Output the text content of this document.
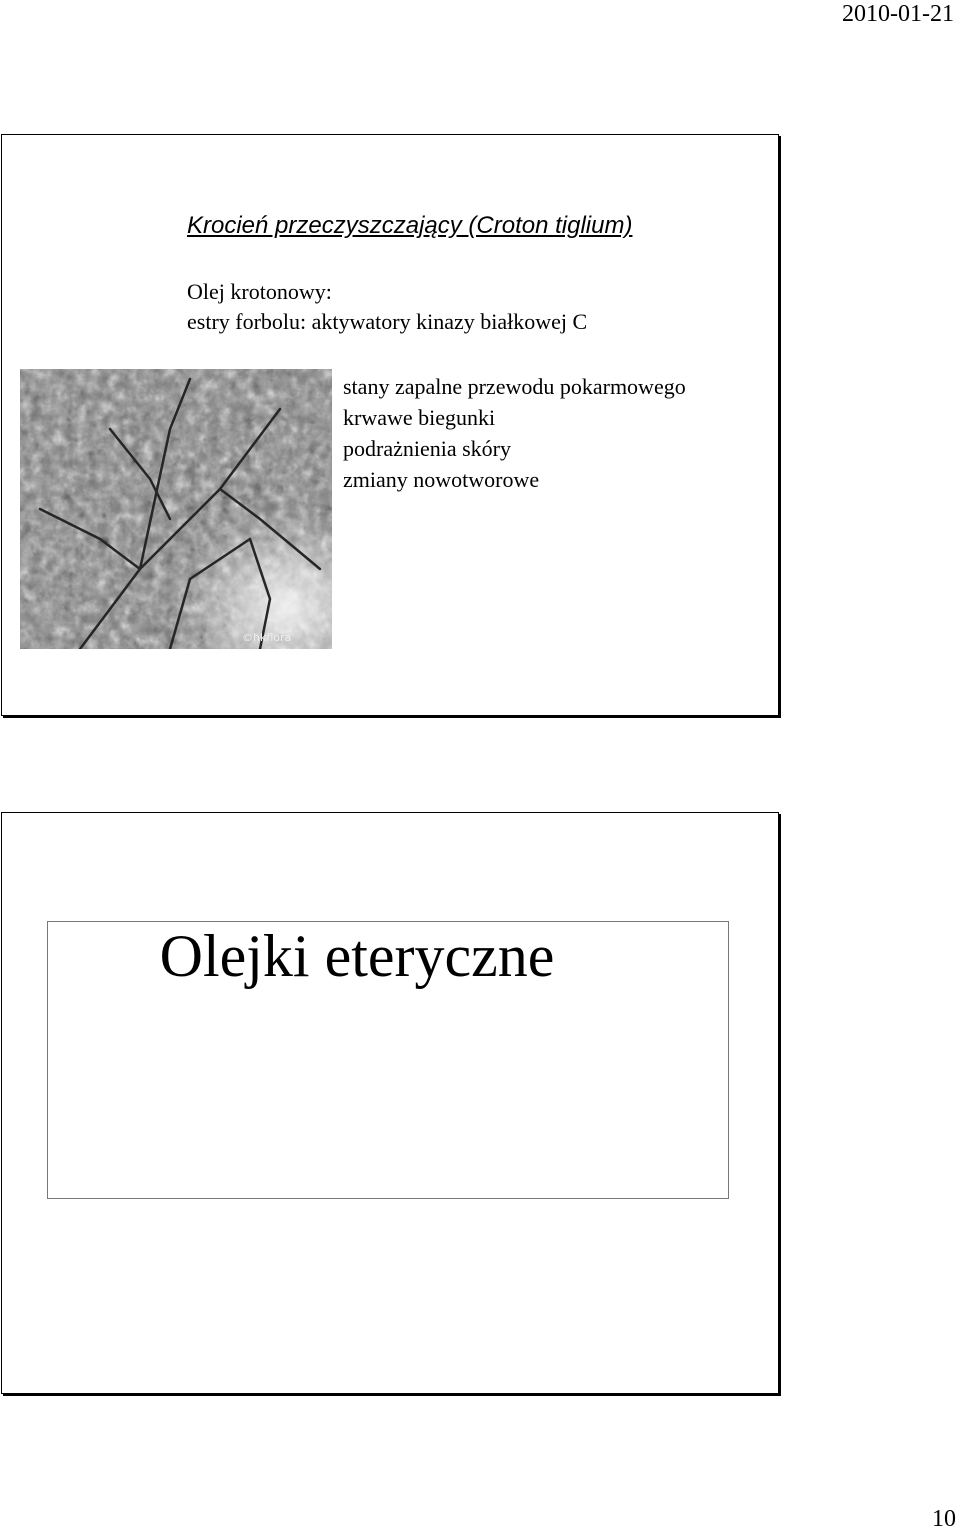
2010-01-21
Krocień przeczyszczający (Croton tiglium)
Olej krotonowy:
estry forbolu: aktywatory kinazy białkowej C
©hkflora
stany zapalne przewodu pokarmowego
krwawe biegunki
podrażnienia skóry
zmiany nowotworowe
Olejki eteryczne
10
